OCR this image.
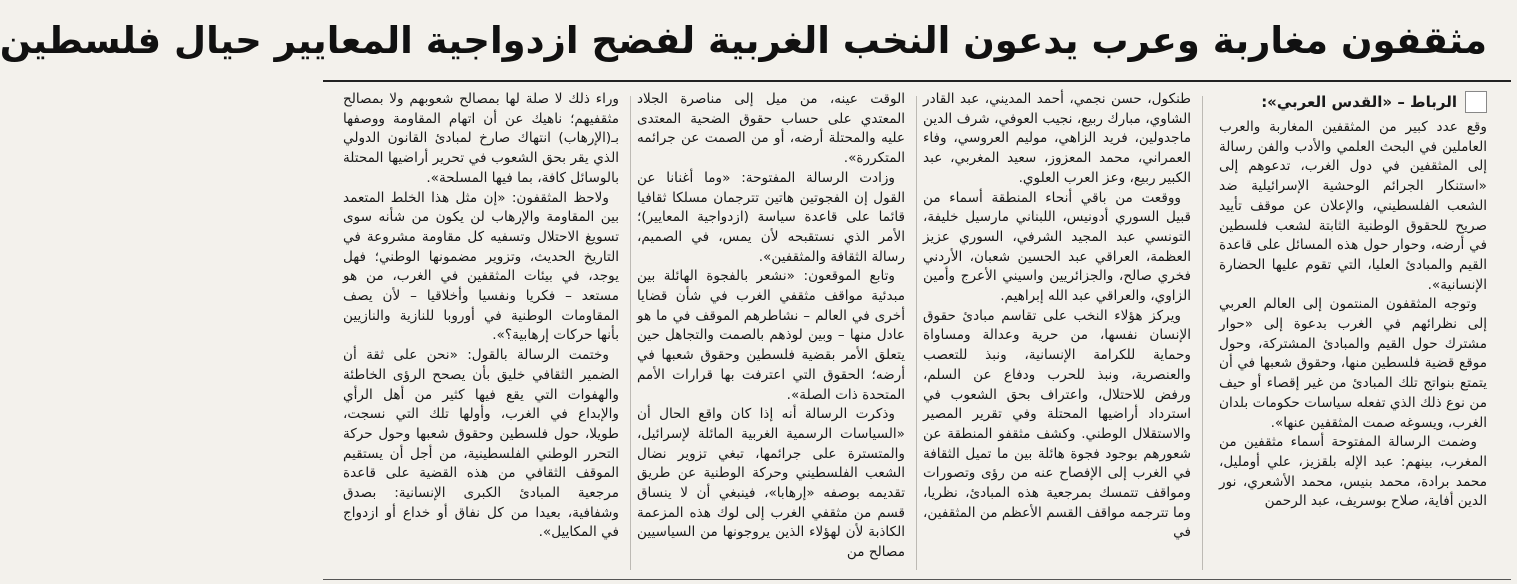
مثقفون مغاربة وعرب يدعون النخب الغربية لفضح ازدواجية المعايير حيال فلسطين
الرباط – «القدس العربي»:

وقع عدد كبير من المثقفين المغاربة والعرب العاملين في البحث العلمي والأدب والفن رسالة إلى المثقفين في دول الغرب، تدعوهم إلى «استنكار الجرائم الوحشية الإسرائيلية ضد الشعب الفلسطيني، والإعلان عن موقف تأييد صريح للحقوق الوطنية الثابتة لشعب فلسطين في أرضه، وحوار حول هذه المسائل على قاعدة القيم والمبادئ العليا، التي تقوم عليها الحضارة الإنسانية».

وتوجه المثقفون المنتمون إلى العالم العربي إلى نظرائهم في الغرب بدعوة إلى «حوار مشترك حول القيم والمبادئ المشتركة، وحول موقع قضية فلسطين منها، وحقوق شعبها في أن يتمتع بنواتج تلك المبادئ من غير إقصاء أو حيف من نوع ذلك الذي تفعله سياسات حكومات بلدان الغرب، ويسوغه صمت المثقفين عنها».

وضمت الرسالة المفتوحة أسماء مثقفين من المغرب، بينهم: عبد الإله بلقزيز، علي أومليل، محمد برادة، محمد بنيس، محمد الأشعري، نور الدين أفاية، صلاح بوسريف، عبد الرحمن

طنكول، حسن نجمي، أحمد المديني، عبد القادر الشاوي، مبارك ربيع، نجيب العوفي، شرف الدين ماجدولين، فريد الزاهي، موليم العروسي، وفاء العمراني، محمد المعزوز، سعيد المغربي، عبد الكبير ربيع، وعز العرب العلوي.

ووقعت من باقي أنحاء المنطقة أسماء من قبيل السوري أدونيس، اللبناني مارسيل خليفة، التونسي عبد المجيد الشرفي، السوري عزيز العظمة، العراقي عبد الحسين شعبان، الأردني فخري صالح، والجزائريين واسيني الأعرج وأمين الزاوي، والعراقي عبد الله إبراهيم.

ويركز هؤلاء النخب على تقاسم مبادئ حقوق الإنسان نفسها، من حرية وعدالة ومساواة وحماية للكرامة الإنسانية، ونبذ للتعصب والعنصرية، ونبذ للحرب ودفاع عن السلم، ورفض للاحتلال، واعتراف بحق الشعوب في استرداد أراضيها المحتلة وفي تقرير المصير والاستقلال الوطني. وكشف مثقفو المنطقة عن شعورهم بوجود فجوة هائلة بين ما تميل الثقافة في الغرب إلى الإفصاح عنه من رؤى وتصورات ومواقف تتمسك بمرجعية هذه المبادئ، نظريا، وما تترجمه مواقف القسم الأعظم من المثقفين، في

الوقت عينه، من ميل إلى مناصرة الجلاد المعتدي على حساب حقوق الضحية المعتدى عليه والمحتلة أرضه، أو من الصمت عن جرائمه المتكررة».

وزادت الرسالة المفتوحة: «وما أغنانا عن القول إن الفجوتين هاتين تترجمان مسلكا ثقافيا قائما على قاعدة سياسة (ازدواجية المعايير)؛ الأمر الذي نستقبحه لأن يمس، في الصميم، رسالة الثقافة والمثقفين».

وتابع الموقعون: «نشعر بالفجوة الهائلة بين مبدئية مواقف مثقفي الغرب في شأن قضايا أخرى في العالم – نشاطرهم الموقف في ما هو عادل منها – وبين لوذهم بالصمت والتجاهل حين يتعلق الأمر بقضية فلسطين وحقوق شعبها في أرضه؛ الحقوق التي اعترفت بها قرارات الأمم المتحدة ذات الصلة».

وذكرت الرسالة أنه إذا كان واقع الحال أن «السياسات الرسمية الغربية المائلة لإسرائيل، والمتسترة على جرائمها، تبغي تزوير نضال الشعب الفلسطيني وحركة الوطنية عن طريق تقديمه بوصفه «إرهابا»، فينبغي أن لا ينساق قسم من مثقفي الغرب إلى لوك هذه المزعمة الكاذبة لأن لهؤلاء الذين يروجونها من السياسيين مصالح من

وراء ذلك لا صلة لها بمصالح شعوبهم ولا بمصالح مثقفيهم؛ ناهيك عن أن اتهام المقاومة ووصفها بـ(الإرهاب) انتهاك صارخ لمبادئ القانون الدولي الذي يقر بحق الشعوب في تحرير أراضيها المحتلة بالوسائل كافة، بما فيها المسلحة».

ولاحظ المثقفون: «إن مثل هذا الخلط المتعمد بين المقاومة والإرهاب لن يكون من شأنه سوى تسويغ الاحتلال وتسفيه كل مقاومة مشروعة في التاريخ الحديث، وتزوير مضمونها الوطني؛ فهل يوجد، في بيئات المثقفين في الغرب، من هو مستعد – فكريا ونفسيا وأخلاقيا – لأن يصف المقاومات الوطنية في أوروبا للنازية والنازيين بأنها حركات إرهابية؟».

وختمت الرسالة بالقول: «نحن على ثقة أن الضمير الثقافي خليق بأن يصحح الرؤى الخاطئة والهفوات التي يقع فيها كثير من أهل الرأي والإبداع في الغرب، وأولها تلك التي نسجت، طويلا، حول فلسطين وحقوق شعبها وحول حركة التحرر الوطني الفلسطينية، من أجل أن يستقيم الموقف الثقافي من هذه القضية على قاعدة مرجعية المبادئ الكبرى الإنسانية: بصدق وشفافية، بعيدا من كل نفاق أو خداع أو ازدواج في المكاييل».
